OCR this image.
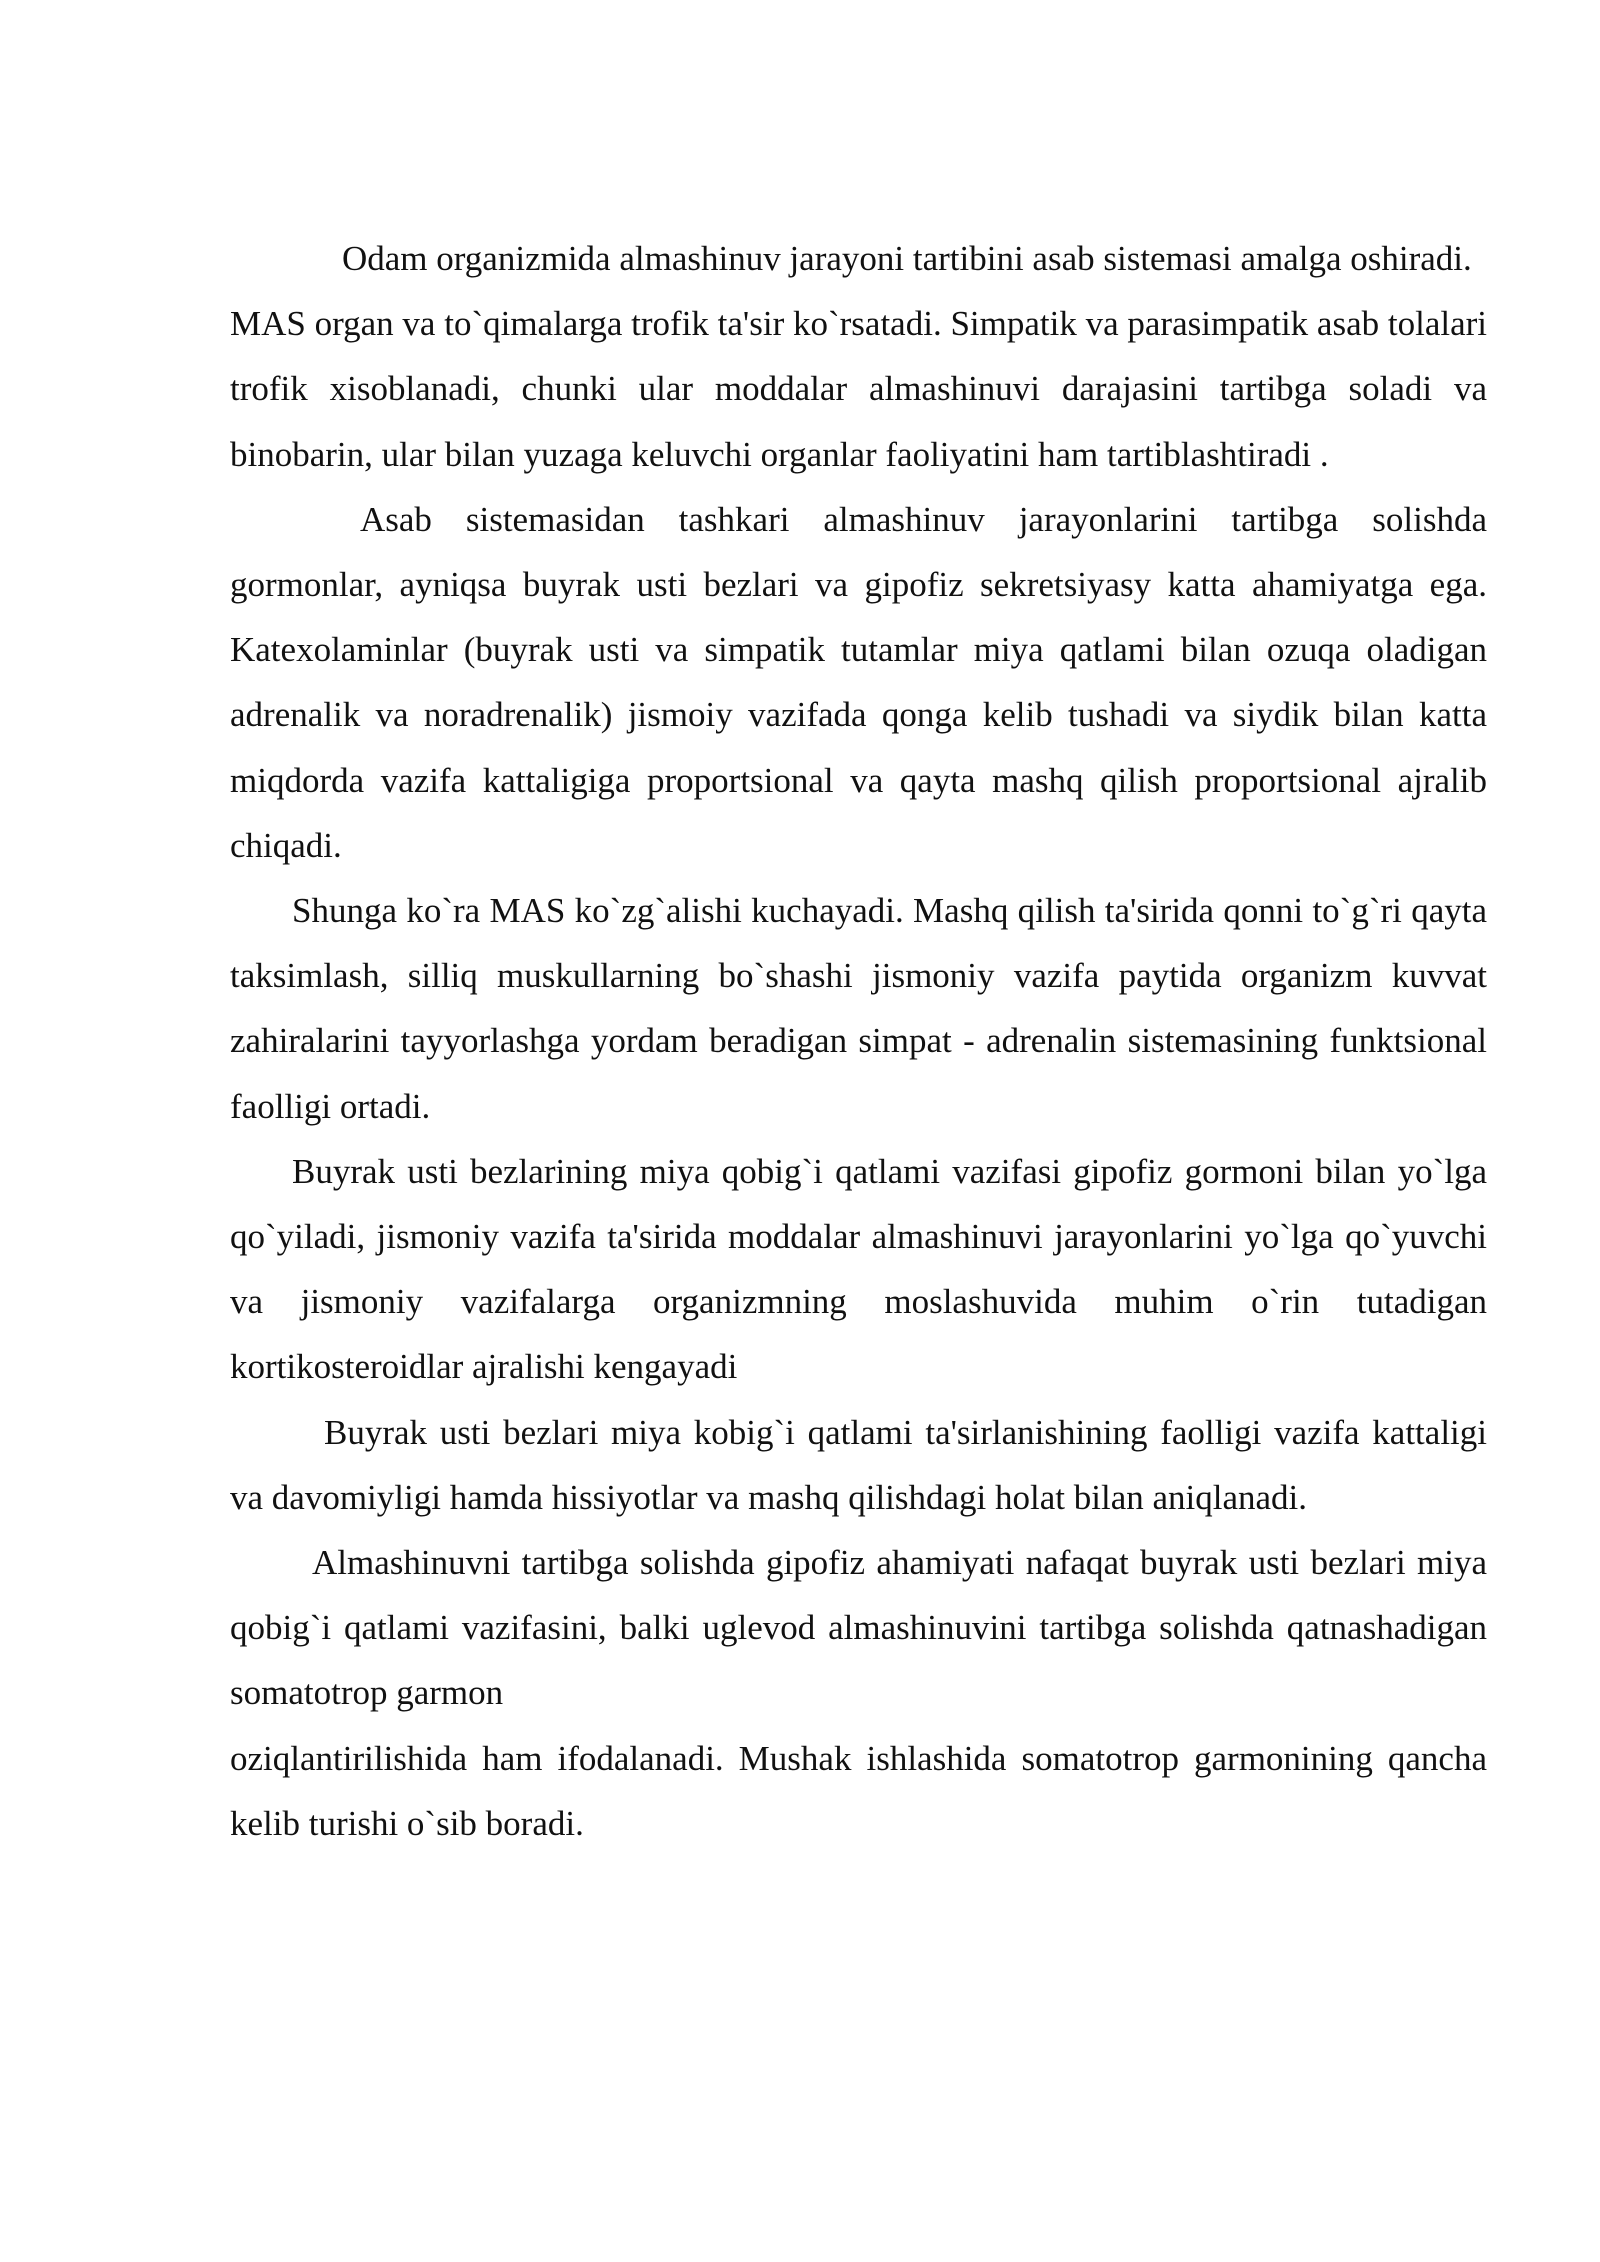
Odam organizmida almashinuv jarayoni tartibini asab sistemasi amalga oshiradi.

MAS organ va to`qimalarga trofik ta'sir ko`rsatadi. Simpatik va parasimpatik asab tolalari trofik xisoblanadi, chunki ular moddalar almashinuvi darajasini tartibga soladi va binobarin, ular bilan yuzaga keluvchi organlar faoliyatini ham tartiblashtiradi .

Asab sistemasidan tashkari almashinuv jarayonlarini tartibga solishda gormonlar, ayniqsa buyrak usti bezlari va gipofiz sekretsiyasy katta ahamiyatga ega. Katexolaminlar (buyrak usti va simpatik tutamlar miya qatlami bilan ozuqa oladigan adrenalik va noradrenalik) jismoiy vazifada qonga kelib tushadi va siydik bilan katta miqdorda vazifa kattaligiga proportsional va qayta mashq qilish proportsional ajralib chiqadi.

Shunga ko`ra MAS ko`zg`alishi kuchayadi. Mashq qilish ta'sirida qonni to`g`ri qayta taksimlash, silliq muskullarning bo`shashi jismoniy vazifa paytida organizm kuvvat zahiralarini tayyorlashga yordam beradigan simpat - adrenalin sistemasining funktsional faolligi ortadi.

Buyrak usti bezlarining miya qobig`i qatlami vazifasi gipofiz gormoni bilan yo`lga qo`yiladi, jismoniy vazifa ta'sirida moddalar almashinuvi jarayonlarini yo`lga qo`yuvchi va jismoniy vazifalarga organizmning moslashuvida muhim o`rin tutadigan kortikosteroidlar ajralishi kengayadi

Buyrak usti bezlari miya kobig`i qatlami ta'sirlanishining faolligi vazifa kattaligi va davomiyligi hamda hissiyotlar va mashq qilishdagi holat bilan aniqlanadi.

Almashinuvni tartibga solishda gipofiz ahamiyati nafaqat buyrak usti bezlari miya qobig`i qatlami vazifasini, balki uglevod almashinuvini tartibga solishda qatnashadigan somatotrop garmon

oziqlantirilishida ham ifodalanadi. Mushak ishlashida somatotrop garmonining qancha kelib turishi o`sib boradi.
